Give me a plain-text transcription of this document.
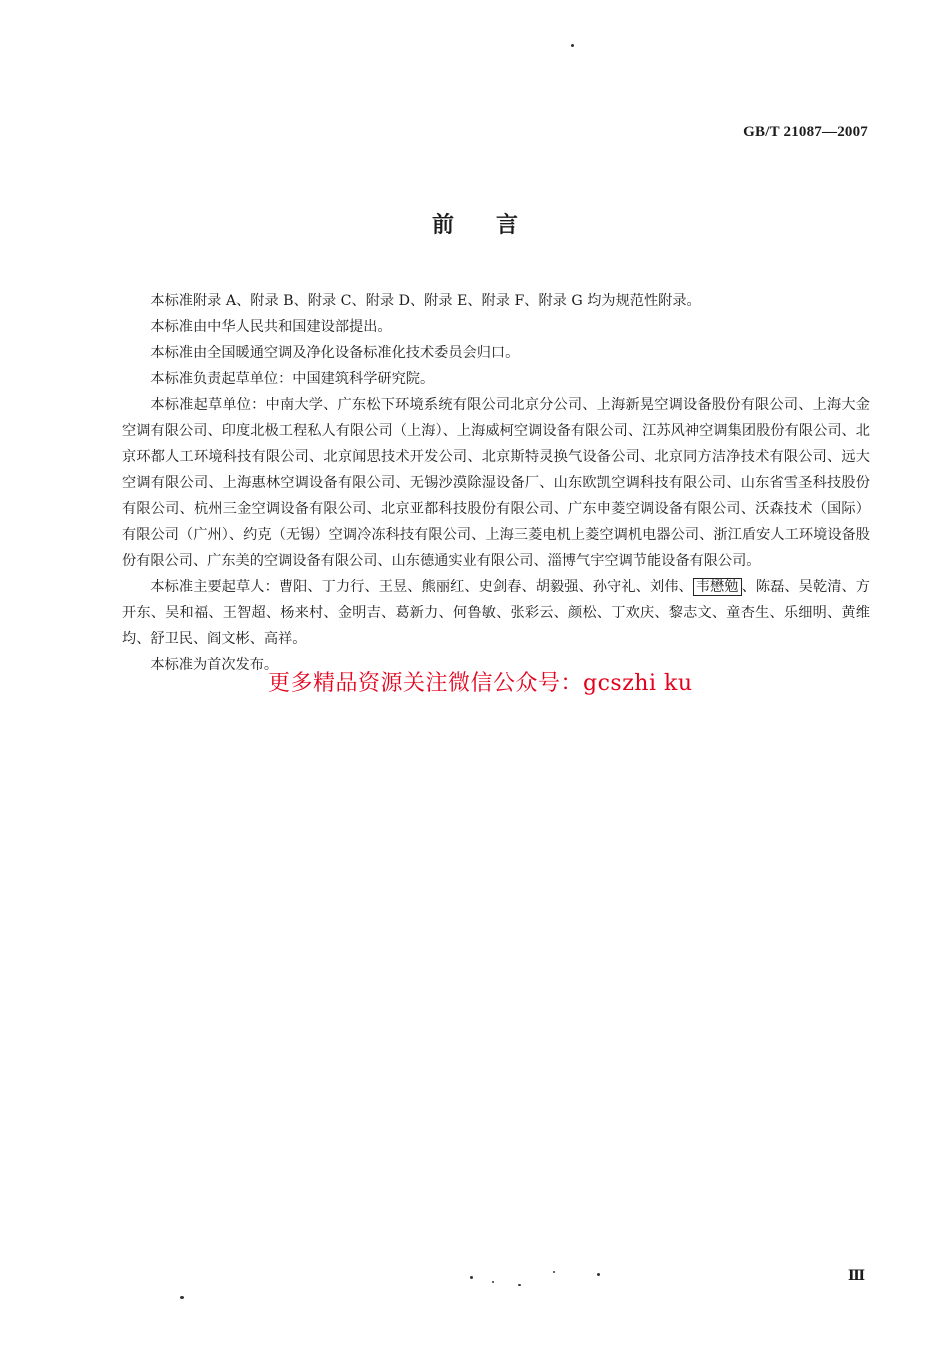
GB/T 21087—2007
前言

本标准附录 A、附录 B、附录 C、附录 D、附录 E、附录 F、附录 G 均为规范性附录。

本标准由中华人民共和国建设部提出。

本标准由全国暖通空调及净化设备标准化技术委员会归口。

本标准负责起草单位：中国建筑科学研究院。

本标准起草单位：中南大学、广东松下环境系统有限公司北京分公司、上海新晃空调设备股份有限公司、上海大金空调有限公司、印度北极工程私人有限公司（上海）、上海威柯空调设备有限公司、江苏风神空调集团股份有限公司、北京环都人工环境科技有限公司、北京闻思技术开发公司、北京斯特灵换气设备公司、北京同方洁净技术有限公司、远大空调有限公司、上海惠林空调设备有限公司、无锡沙漠除湿设备厂、山东欧凯空调科技有限公司、山东省雪圣科技股份有限公司、杭州三金空调设备有限公司、北京亚都科技股份有限公司、广东申菱空调设备有限公司、沃森技术（国际）有限公司（广州）、约克（无锡）空调冷冻科技有限公司、上海三菱电机上菱空调机电器公司、浙江盾安人工环境设备股份有限公司、广东美的空调设备有限公司、山东德通实业有限公司、淄博气宇空调节能设备有限公司。

本标准主要起草人：曹阳、丁力行、王昱、熊丽红、史剑春、胡毅强、孙守礼、刘伟、 韦懋勉 、陈磊、吴乾清、方开东、吴和福、王智超、杨来村、金明吉、葛新力、何鲁敏、张彩云、颜松、丁欢庆、黎志文、童杏生、乐细明、黄维均、舒卫民、阎文彬、高祥。

本标准为首次发布。

更多精品资源关注微信公众号：gcszhi ku
Ⅲ
